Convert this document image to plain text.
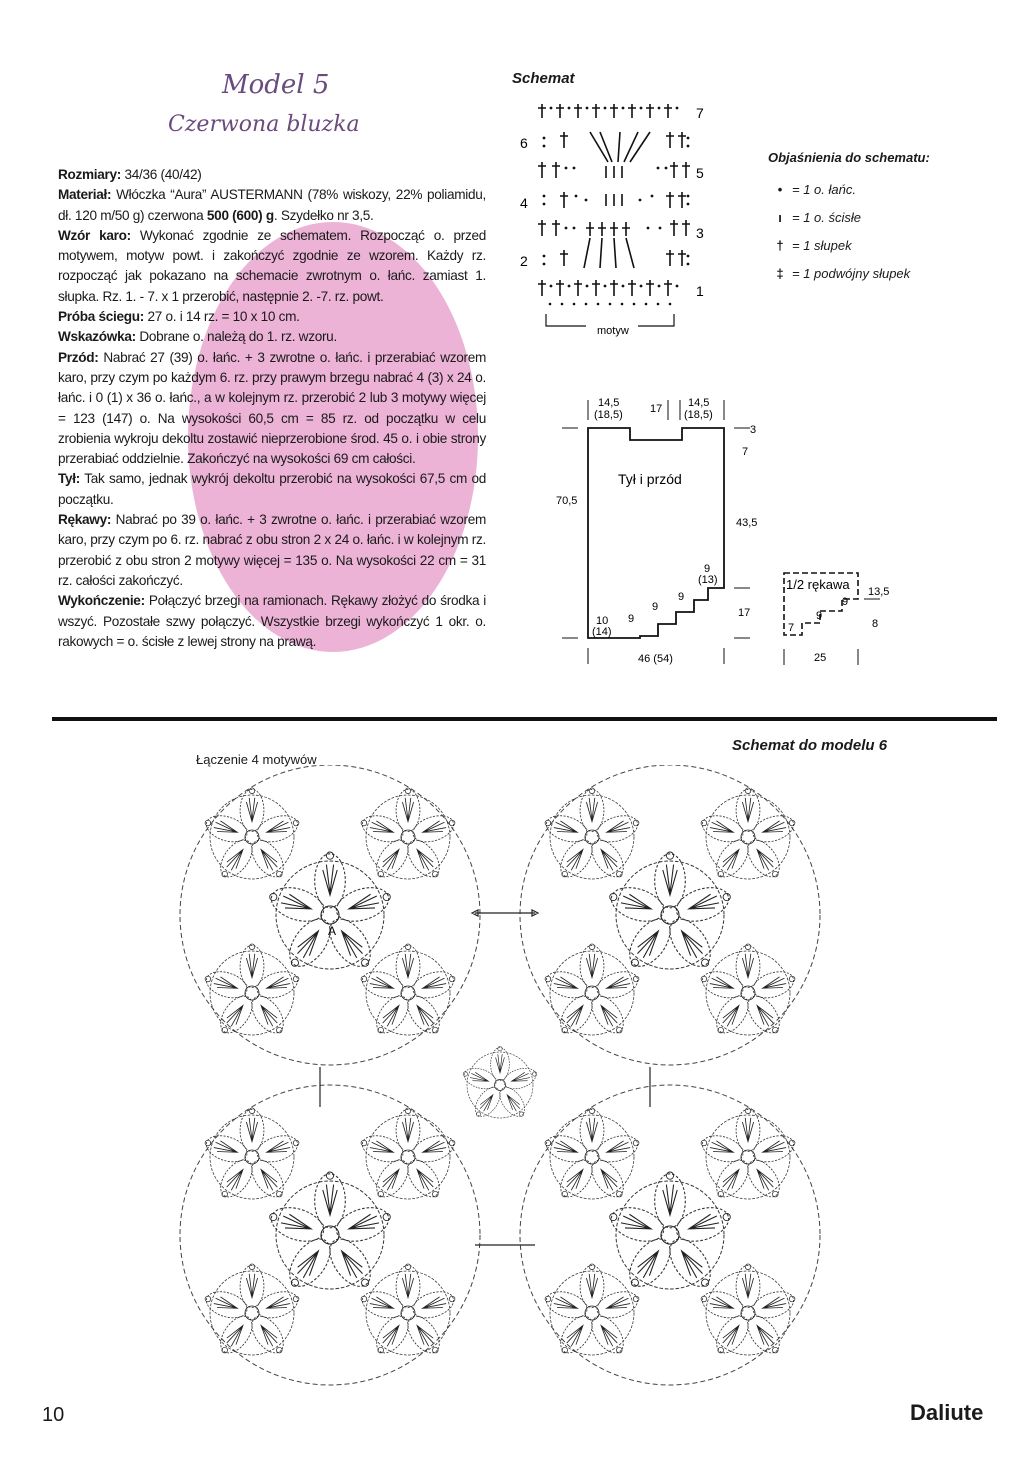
Model 5
Czerwona bluzka

Rozmiary: 34/36 (40/42)

Materiał: Włóczka “Aura” AUSTERMANN (78% wiskozy, 22% poliamidu, dł. 120 m/50 g) czerwona 500 (600) g. Szydełko nr 3,5.

Wzór karo: Wykonać zgodnie ze schematem. Rozpocząć o. przed motywem, motyw powt. i zakończyć zgodnie ze wzorem. Każdy rz. rozpocząć jak pokazano na schemacie zwrotnym o. łańc. zamiast 1. słupka. Rz. 1. - 7. x 1 przerobić, następnie 2. -7. rz. powt.

Próba ściegu: 27 o. i 14 rz. = 10 x 10 cm.

Wskazówka: Dobrane o. należą do 1. rz. wzoru.

Przód: Nabrać 27 (39) o. łańc. + 3 zwrotne o. łańc. i przerabiać wzorem karo, przy czym po każdym 6. rz. przy prawym brzegu nabrać 4 (3) x 24 o. łańc. i 0 (1) x 36 o. łańc., a w kolejnym rz. przerobić 2 lub 3 motywy więcej = 123 (147) o. Na wysokości 60,5 cm = 85 rz. od początku w celu zrobienia wykroju dekoltu zostawić nieprzerobione środ. 45 o. i obie strony przerabiać oddzielnie. Zakończyć na wysokości 69 cm całości.

Tył: Tak samo, jednak wykrój dekoltu przerobić na wysokości 67,5 cm od początku.

Rękawy: Nabrać po 39 o. łańc. + 3 zwrotne o. łańc. i przerabiać wzorem karo, przy czym po 6. rz. nabrać z obu stron 2 x 24 o. łańc. i w kolejnym rz. przerobić z obu stron 2 motywy więcej = 135 o. Na wysokości 22 cm = 31 rz. całości zakończyć.

Wykończenie: Połączyć brzegi na ramionach. Rękawy złożyć do środka i wszyć. Pozostałe szwy połączyć. Wszystkie brzegi wykończyć 1 okr. o. rakowych = o. ścisłe z lewej strony na prawą.

Schemat
motyw
7
5
3
1
6
4
2
Objaśnienia do schematu:
• = 1 o. łańc.
ı = 1 o. ścisłe
† = 1 słupek
‡ = 1 podwójny słupek
14,5
(18,5) 17 14,5
(18,5)
3
7
70,5
43,5
9
(13)
17
9
9
9
10
(14)
46 (54)
Tył i przód
1/2 rękawa 13,5
8
9
9
7
25
Schemat do modelu 6
Łączenie 4 motywów
A
10	Daliute
